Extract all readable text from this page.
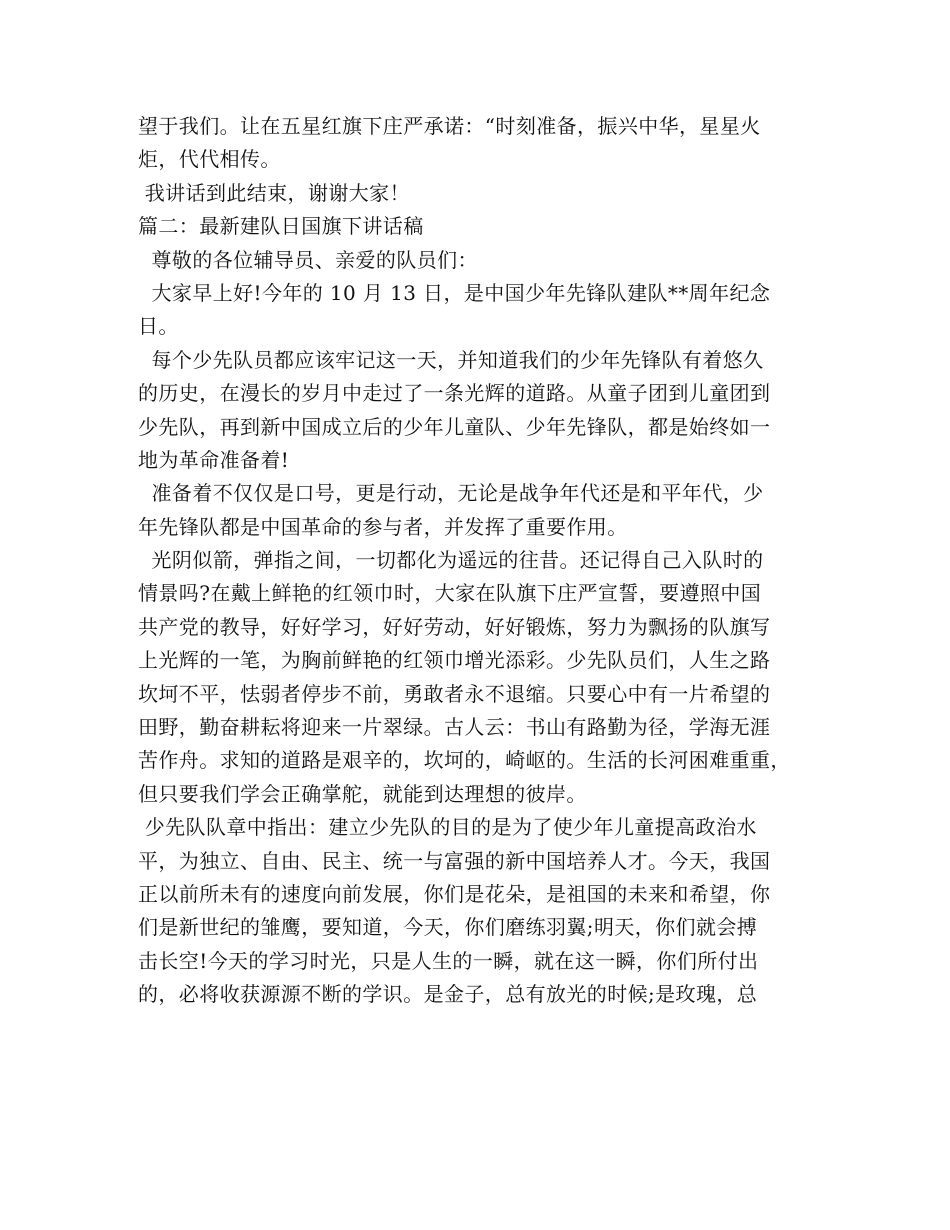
望于我们。让在五星红旗下庄严承诺：“时刻准备，振兴中华，星星火
炬，代代相传。
我讲话到此结束，谢谢大家！
篇二：最新建队日国旗下讲话稿
尊敬的各位辅导员、亲爱的队员们：
大家早上好!今年的 10 月 13 日，是中国少年先锋队建队**周年纪念
日。
每个少先队员都应该牢记这一天，并知道我们的少年先锋队有着悠久
的历史，在漫长的岁月中走过了一条光辉的道路。从童子团到儿童团到
少先队，再到新中国成立后的少年儿童队、少年先锋队，都是始终如一
地为革命准备着!
准备着不仅仅是口号，更是行动，无论是战争年代还是和平年代，少
年先锋队都是中国革命的参与者，并发挥了重要作用。
光阴似箭，弹指之间，一切都化为遥远的往昔。还记得自己入队时的
情景吗?在戴上鲜艳的红领巾时，大家在队旗下庄严宣誓，要遵照中国
共产党的教导，好好学习，好好劳动，好好锻炼，努力为飘扬的队旗写
上光辉的一笔，为胸前鲜艳的红领巾增光添彩。少先队员们，人生之路
坎坷不平，怯弱者停步不前，勇敢者永不退缩。只要心中有一片希望的
田野，勤奋耕耘将迎来一片翠绿。古人云：书山有路勤为径，学海无涯
苦作舟。求知的道路是艰辛的，坎坷的，崎岖的。生活的长河困难重重，
但只要我们学会正确掌舵，就能到达理想的彼岸。
少先队队章中指出：建立少先队的目的是为了使少年儿童提高政治水
平，为独立、自由、民主、统一与富强的新中国培养人才。今天，我国
正以前所未有的速度向前发展，你们是花朵，是祖国的未来和希望，你
们是新世纪的雏鹰，要知道，今天，你们磨练羽翼;明天，你们就会搏
击长空!今天的学习时光，只是人生的一瞬，就在这一瞬，你们所付出
的，必将收获源源不断的学识。是金子，总有放光的时候;是玫瑰，总
